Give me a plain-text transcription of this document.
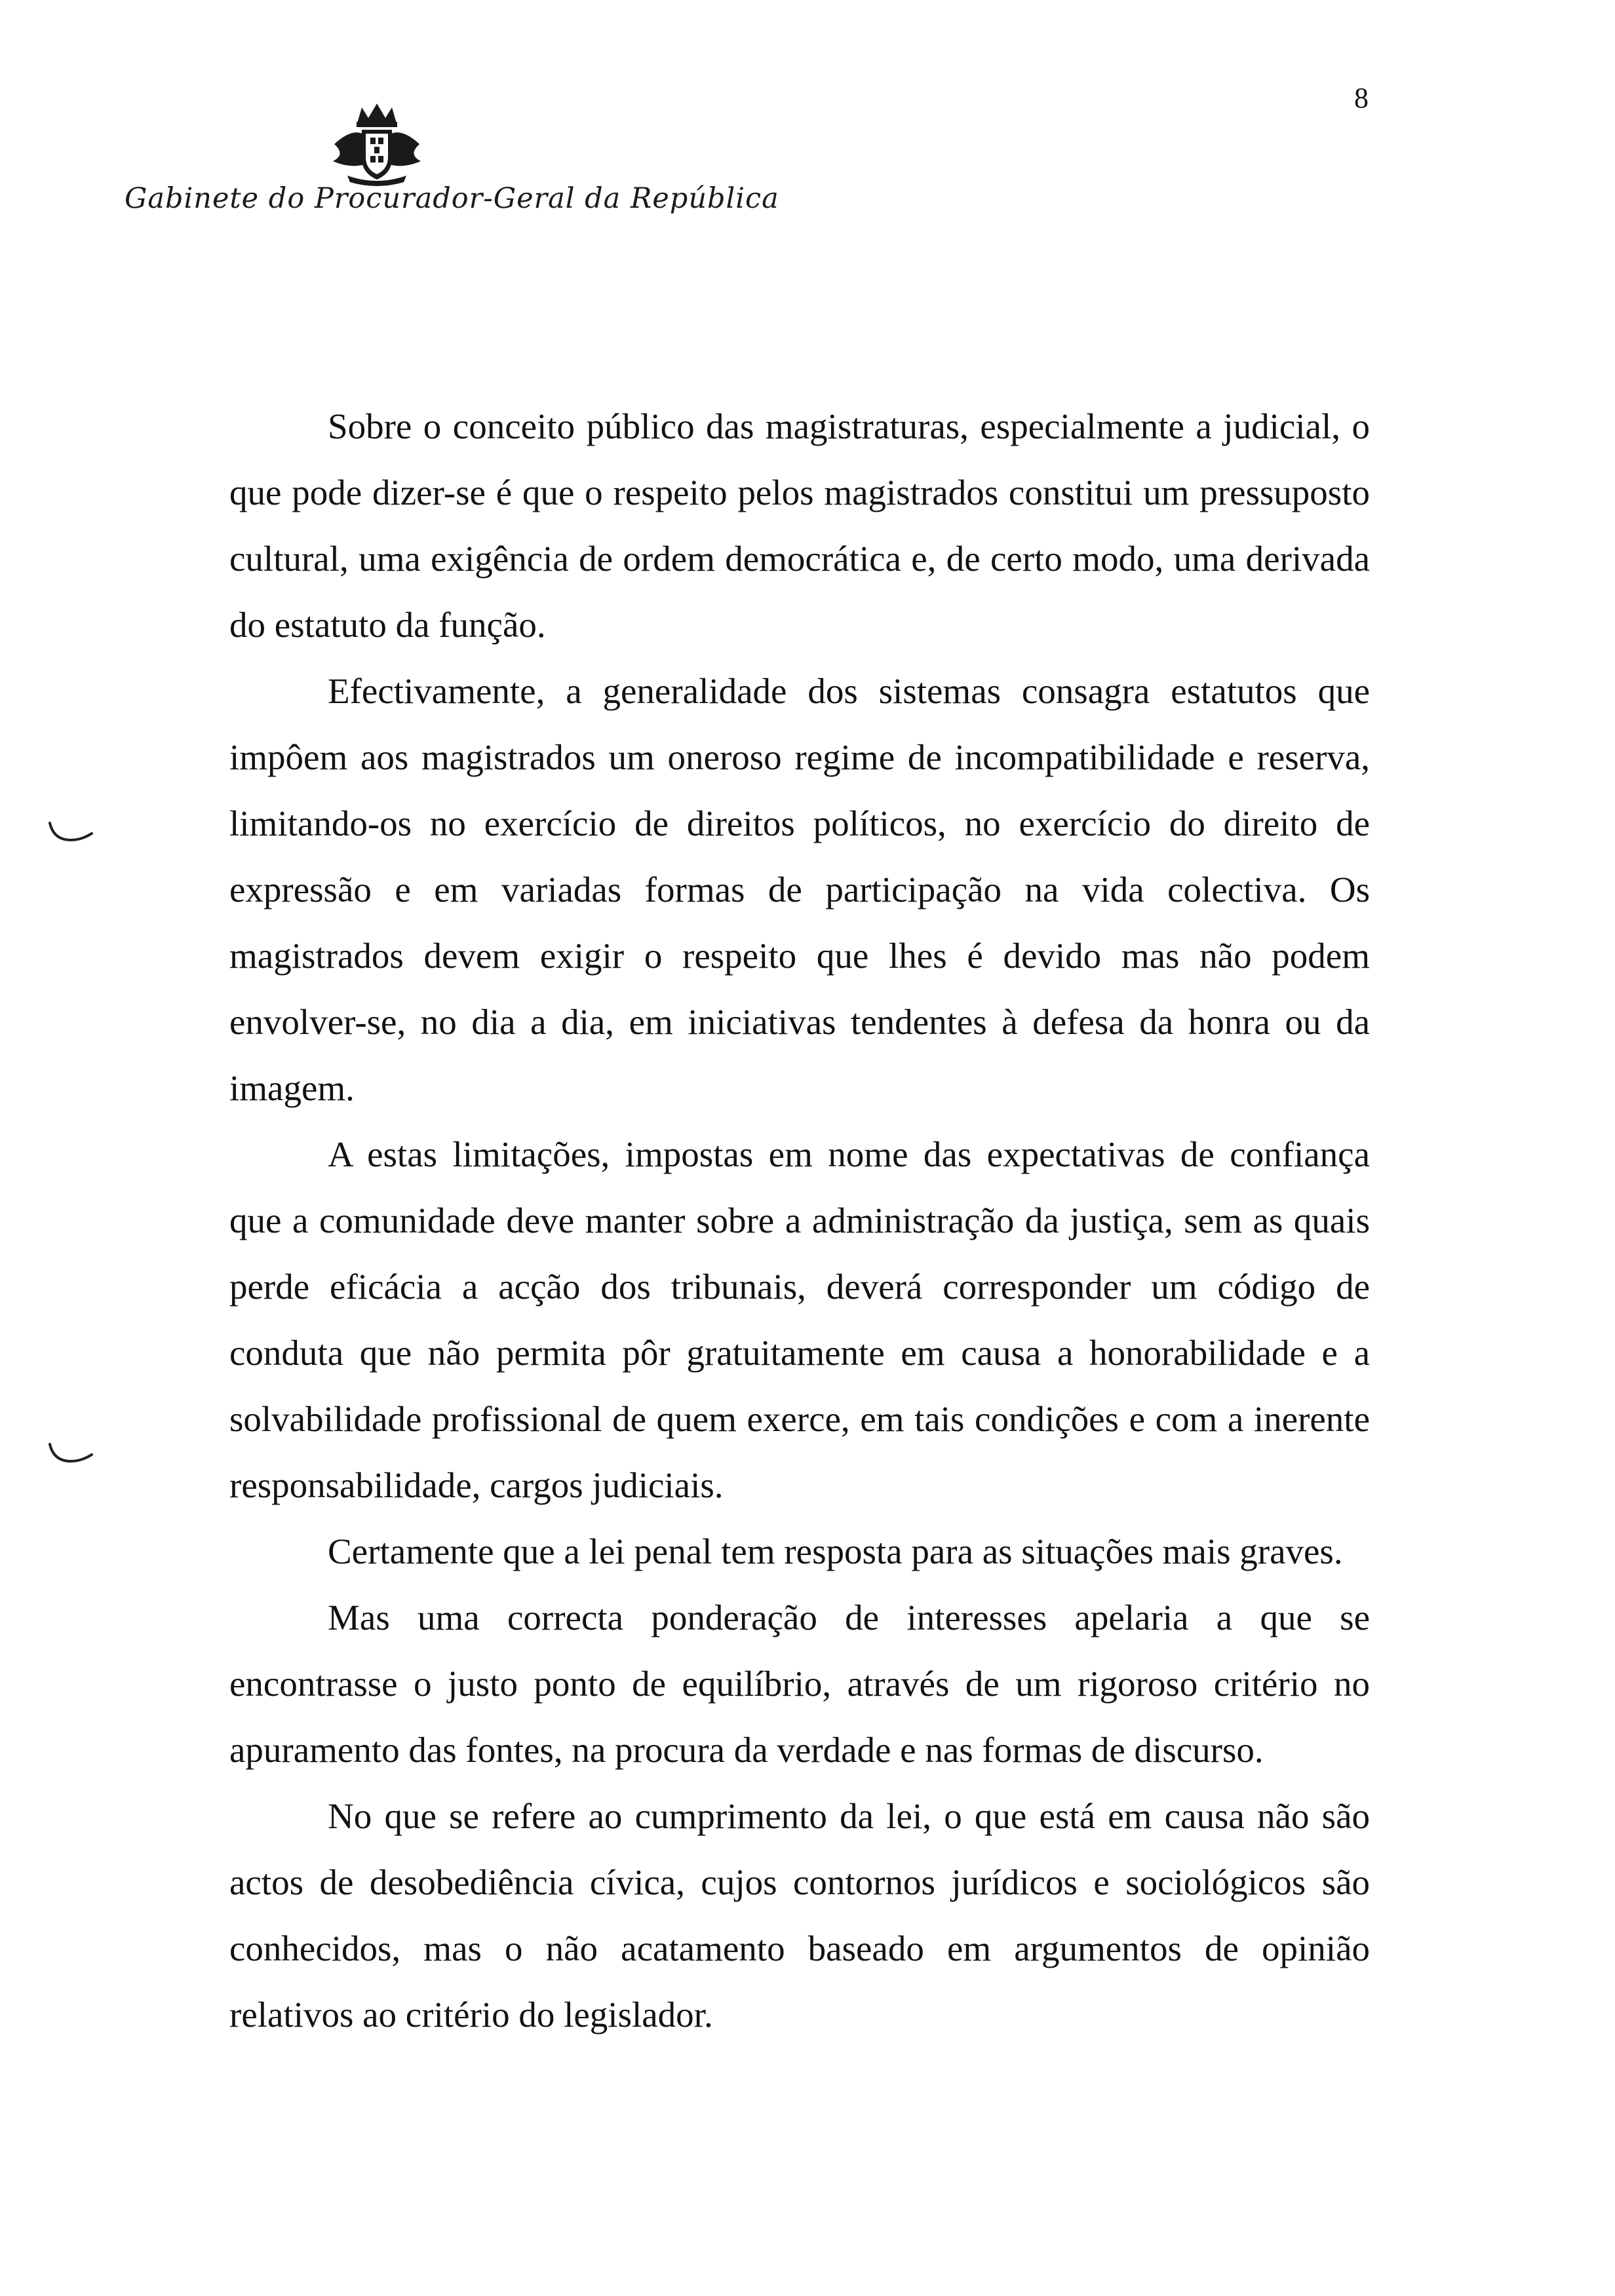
8
Gabinete do Procurador-Geral da República

Sobre o conceito público das magistraturas, especialmente a judicial, o que pode dizer-se é que o respeito pelos magistrados constitui um pressuposto cultural, uma exigência de ordem democrática e, de certo modo, uma derivada do estatuto da função.

Efectivamente, a generalidade dos sistemas consagra estatutos que impôem aos magistrados um oneroso regime de incompatibilidade e reserva, limitando-os no exercício de direitos políticos, no exercício do direito de expressão e em variadas formas de participação na vida colectiva. Os magistrados devem exigir o respeito que lhes é devido mas não podem envolver-se, no dia a dia, em iniciativas tendentes à defesa da honra ou da imagem.

A estas limitações, impostas em nome das expectativas de confiança que a comunidade deve manter sobre a administração da justiça, sem as quais perde eficácia a acção dos tribunais, deverá corresponder um código de conduta que não permita pôr gratuitamente em causa a honorabilidade e a solvabilidade profissional de quem exerce, em tais condições e com a inerente responsabilidade, cargos judiciais.

Certamente que a lei penal tem resposta para as situações mais graves.

Mas uma correcta ponderação de interesses apelaria a que se encontrasse o justo ponto de equilíbrio, através de um rigoroso critério no apuramento das fontes, na procura da verdade e nas formas de discurso.

No que se refere ao cumprimento da lei, o que está em causa não são actos de desobediência cívica, cujos contornos jurídicos e sociológicos são conhecidos, mas o não acatamento baseado em argumentos de opinião relativos ao critério do legislador.
